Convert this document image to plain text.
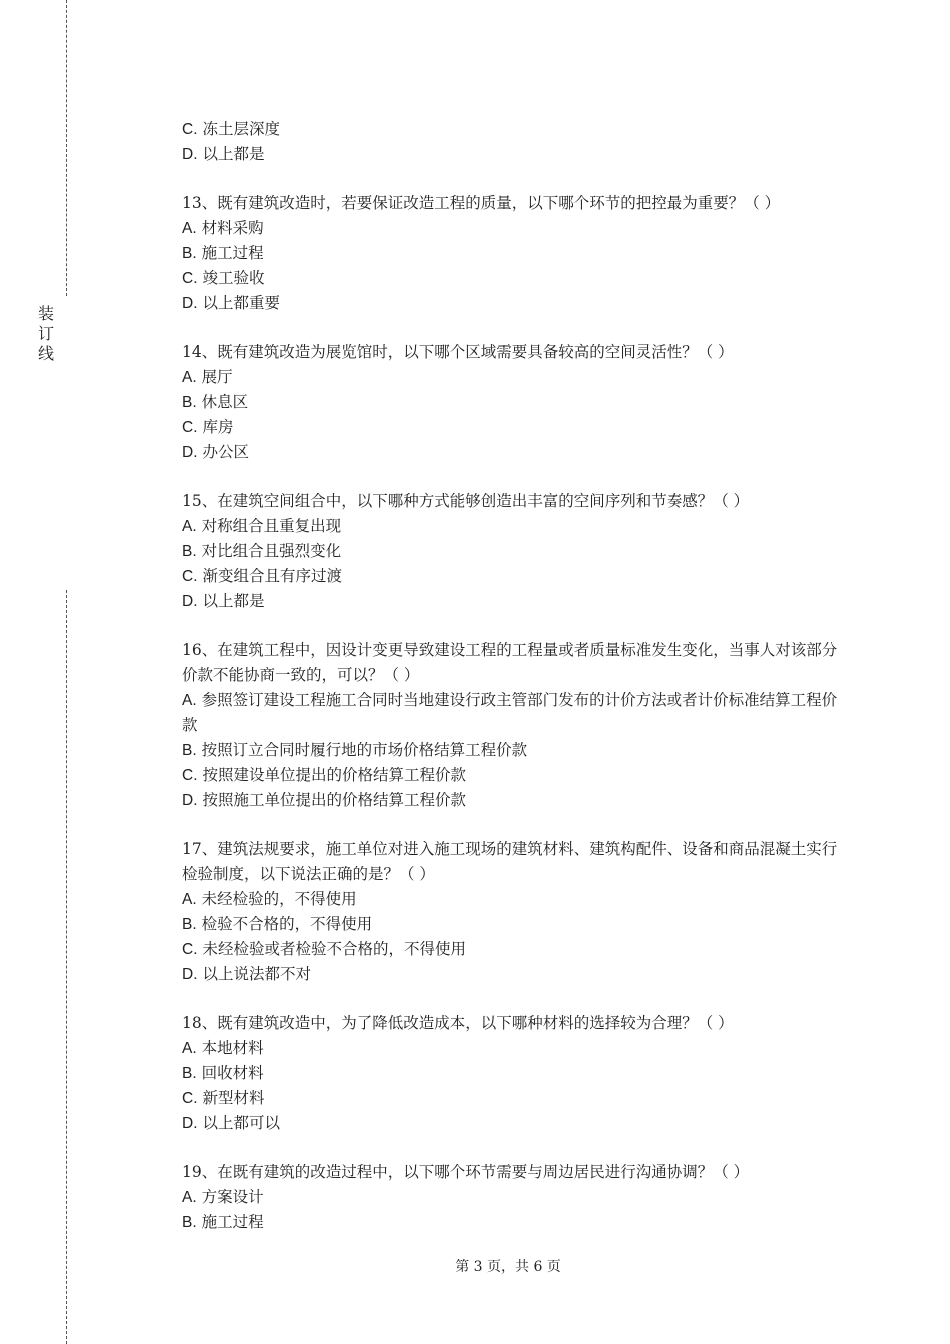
装
订
线
C. 冻土层深度
D. 以上都是
13、既有建筑改造时，若要保证改造工程的质量，以下哪个环节的把控最为重要？（ ）
A. 材料采购
B. 施工过程
C. 竣工验收
D. 以上都重要
14、既有建筑改造为展览馆时，以下哪个区域需要具备较高的空间灵活性？（ ）
A. 展厅
B. 休息区
C. 库房
D. 办公区
15、在建筑空间组合中，以下哪种方式能够创造出丰富的空间序列和节奏感？（ ）
A. 对称组合且重复出现
B. 对比组合且强烈变化
C. 渐变组合且有序过渡
D. 以上都是
16、在建筑工程中，因设计变更导致建设工程的工程量或者质量标准发生变化，当事人对该部分价款不能协商一致的，可以？（ ）
A. 参照签订建设工程施工合同时当地建设行政主管部门发布的计价方法或者计价标准结算工程价款
B. 按照订立合同时履行地的市场价格结算工程价款
C. 按照建设单位提出的价格结算工程价款
D. 按照施工单位提出的价格结算工程价款
17、建筑法规要求，施工单位对进入施工现场的建筑材料、建筑构配件、设备和商品混凝土实行检验制度，以下说法正确的是？（ ）
A. 未经检验的，不得使用
B. 检验不合格的，不得使用
C. 未经检验或者检验不合格的，不得使用
D. 以上说法都不对
18、既有建筑改造中，为了降低改造成本，以下哪种材料的选择较为合理？（ ）
A. 本地材料
B. 回收材料
C. 新型材料
D. 以上都可以
19、在既有建筑的改造过程中，以下哪个环节需要与周边居民进行沟通协调？（ ）
A. 方案设计
B. 施工过程
第 3 页，共 6 页
